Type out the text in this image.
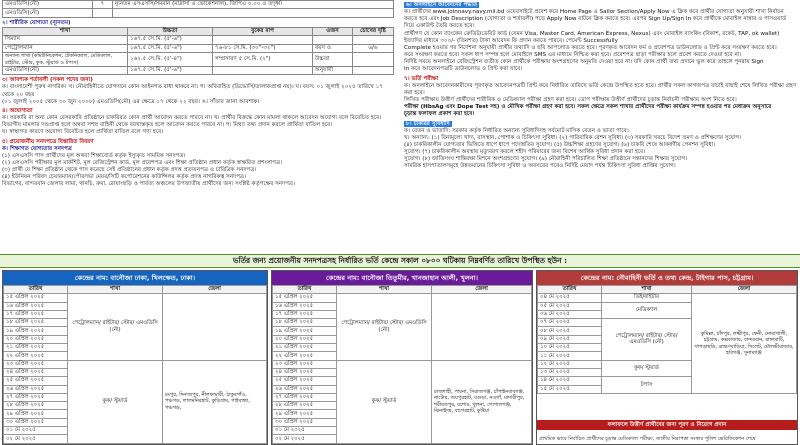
এমওডিসি(নৌ)	৭	ন্যূনতম এসএসসি/সমমান (মাদ্রাসা ও ভোকেশনাল), জিপিএ ৩.০০ ও তদূর্ধ্ব।
এমওডিসি(নৌ)		
২। শারীরিক যোগ্যতা (ন্যূনতম)
শাখা	উচ্চতা	বুকের মাপ	ওজন	চোখের দৃষ্টি
সিম্যান	১৬৭.৫ সে.মি. (৫'-৬")			
পেট্রোলম্যান	১৬৭.৫ সে.মি. (৫'-৬")	৭৬-৮১ সে.মি. (৩০"-৩২")	বয়স ও	৬/৬
অন্যান্য শাখা (কমিউনিকেশন, টেকনিক্যাল, মেডিক্যাল, রাইটার, স্টোর, কুক, স্টুয়ার্ড ও টপাস)	১৬২.৫ সে.মি. (৫'-৪")	সম্প্রসারণ ৫ সে.মি. (২")	উচ্চতা	
এমওডিসি(নৌ)	১৬৭.৫ সে.মি. (৫'-৬")		অনুযায়ী	
৩। আবশ্যক শর্তাবলী (সকল পদের জন্য)

ক। বাংলাদেশী পুরুষ নাগরিক। খ। নৌবাহিনীতে যোগদানে কোন আইনগত বাধা থাকবে না। গ। অবিবাহিত (ডিভোর্সি/তালাকপ্রাপ্ত নয়)। ঘ। বয়স: ০১ জুলাই ২০২৫ তারিখে ১৭ থেকে ২০ বছর

(০১ জুলাই ২০০৫ থেকে ৩০ জুন ২০০৮) এমওডিসি(নৌ) এর ক্ষেত্রে ১৭ থেকে ২২ বছর। ঙ। সাঁতার জানা আবশ্যক।

৪। অযোগ্যতা

ক। সরকারি বা অন্য কোন বেসরকারি প্রতিষ্ঠানে চাকরিরত কোন প্রার্থী আবেদন করতে পারবে না। খ। প্রার্থীর বিরুদ্ধে কোন মামলা থাকলে আবেদন অযোগ্য বলে বিবেচিত হবে।

বিভাগীয় মামলার দণ্ডপ্রাপ্ত হলে অথবা সশস্ত্র বাহিনী থেকে বরখাস্তকৃত হলে আবেদন করতে পারবে না। গ। মিথ্যা তথ্য প্রদান করলে প্রার্থিতা বাতিল হবে।

ঘ। স্বাস্থ্যগত কারণে অযোগ্য বিবেচিত হলে প্রার্থিতা বাতিল বলে গণ্য হবে।

৫। প্রয়োজনীয় সনদপত্রে বিস্তারিত বিবরণ

ক। শিক্ষাগত যোগ্যতার সনদপত্র

(১) এসএসসি পাস প্রার্থীদের মূল অথবা শিক্ষাবোর্ড কর্তৃক ইস্যুকৃত সাময়িক সনদপত্র।

(২) এসএসসি পরীক্ষার মূল মার্কশিট, মূল রেজিস্ট্রেশন কার্ড, মূল প্রবেশপত্র এবং শিক্ষা প্রতিষ্ঠান প্রধান কর্তৃক স্বাক্ষরিত প্রশংসাপত্র।

(৩) প্রার্থী যে শিক্ষা প্রতিষ্ঠান থেকে পাস করেছে সেই প্রতিষ্ঠানের প্রধান কর্তৃক প্রদত্ত প্রত্যয়নপত্র ও চারিত্রিক সনদপত্র।

(৪) ইউনিয়ন পরিষদ চেয়ারম্যান/পৌরসভা মেয়র/সিটি কর্পোরেশনের কাউন্সিলর কর্তৃক প্রদত্ত নাগরিকত্ব সনদপত্র।

বিভাগের, বান্দরবান জেলার লামা, থানচি, রুমা, রোয়াংছড়ি ও পার্বত্য অঞ্চলের উপজাতীয় প্রার্থীদের জন্য সংশ্লিষ্ট কর্তৃপক্ষের সনদপত্র।

৬। অনলাইনে আবেদনের পদ্ধতি

ক। প্রার্থীদের www.joinnavy.navy.mil.bd ওয়েবসাইটে প্রবেশ করে Home Page এ Sailor Section/Apply Now এ ক্লিক করে প্রার্থীর যোগ্যতা অনুযায়ী শাখা নির্বাচন করতে হবে এবং Job Description (যোগ্যতা ও শর্তাবলী) পড়ে Apply Now বাটনে ক্লিক করতে হবে। এরপর Sign Up/Sign In করে প্রার্থীকে মোবাইল নাম্বার ও পাসওয়ার্ড দিয়ে একাউন্ট তৈরি করতে হবে।

প্রার্থীগণ যে কোন ব্যাংকের ক্রেডিট/ডেবিট কার্ড (যেমন Visa, Master Card, American Express, Nexus) এবং মোবাইল ব্যাংকিং (বিকাশ, রকেট, TAP, ok wallet) ইত্যাদির মাধ্যমে ৩০০/- (তিনশত) টাকা আবেদন ফি প্রদান করতে পারবে। পেমেন্ট Successfully

Complete হওয়ার পর নির্দেশনা অনুযায়ী প্রার্থীর তথ্যাদি ও ছবি আপলোড করতে হবে। পূরণকৃত আবেদন ফর্ম ও প্রবেশপত্র ডাউনলোড ও প্রিন্ট করে সংরক্ষণ করতে হবে।

করে সংরক্ষণ করতে হবে। সকল ধাপ সম্পন্ন হলে মোবাইলে SMS এর মাধ্যমে নিশ্চিত করা হবে। প্রবেশপত্র ছাড়া পরীক্ষার হলে প্রবেশ করতে দেওয়া হবে না।

নির্দিষ্ট সময়ে অনলাইনে রেজিস্ট্রেশন ব্যতীত কোন প্রার্থীকে পরীক্ষায় অংশগ্রহণের অনুমতি দেওয়া হবে না। যদি কোন প্রার্থী তথ্য প্রদানে ভুল করে তাহলে পুনরায় Sign

In করে আবেদনপত্রটি ডাউনলোড ও প্রিন্ট করা যাবে।

৭। ভর্তি পরীক্ষা

ক। অনলাইনে আবেদনকারীদের পূরণকৃত আবেদনপত্রটি প্রিন্ট করে নির্ধারিত তারিখে ভর্তি কেন্দ্রে উপস্থিত হতে হবে। প্রার্থীর সকল কাগজপত্র যাচাই বাছাই শেষে লিখিত পরীক্ষা গ্রহণ করা হবে।

লিখিত পরীক্ষায় উত্তীর্ণ প্রার্থীদের শারীরিক ও মেডিক্যাল পরীক্ষা গ্রহণ করা হবে। ডোপ পরীক্ষায় উত্তীর্ণ প্রার্থীদের চূড়ান্ত নির্বাচনী পরীক্ষায় অংশ নিতে হবে।

পরীক্ষা (HbsAg এবং Dope Test সহ) ও মৌখিক পরীক্ষা গ্রহণ করা হবে। সকল ক্ষেত্রে সকল শাখার প্রার্থীদের পরীক্ষা কার্যক্রম সম্পন্ন হওয়ার পর মেধাক্রম অনুসারে

চূড়ান্ত ফলাফল প্রকাশ করা হবে।

৮। চাকরির সুবিধাদি

ক। বেতন ও ভাতাদি: সরকার কর্তৃক নির্ধারিত অন্যান্য সুবিধাদিসহ সর্বমোট মাসিক বেতন ও ভাতা পাবে।

খ। অন্যান্য: (১) বিনামূল্যে খাদ্য, বাসস্থান, পোশাক ও চিকিৎসা সুবিধা। (২) পারিবারিক রেশন সুবিধা। (৩) সরকারি খরচে বিদেশ ভ্রমণ ও প্রশিক্ষণের সুযোগ।

(৪) চাকরিকালীন যোগ্যতার ভিত্তিতে ধাপে ধাপে পদোন্নতির সুযোগ। (৫) উচ্চশিক্ষা গ্রহণের সুযোগ। (৬) চাকরি শেষে আকর্ষণীয় পেনশন সুবিধা।

সুযোগ। (৭) চাকরিকালীন অবস্থায় মৃত্যুবরণ করলে শহীদ পরিবারের জন্য বিশেষ আর্থিক সুবিধা প্রদান করা হবে।

সুযোগ। (৮) জাতিসংঘ শান্তিরক্ষা মিশনে অংশগ্রহণের সুযোগ। (৯) নৌবাহিনী পরিচালিত শিক্ষা প্রতিষ্ঠানে সন্তানদের শিক্ষার সুযোগ।

সামরিক হাসপাতালসমূহে উন্নতমানের চিকিৎসা সুবিধা ও অবসরের পরেও নির্দিষ্ট মেয়াদ পর্যন্ত চিকিৎসা সুবিধা প্রাপ্তির সুযোগ।

ভর্তির জন্য প্রয়োজনীয় সনদপত্রসহ নির্ধারিত ভর্তি কেন্দ্রে সকাল ০৮০০ ঘটিকায় নিম্নবর্ণিত তারিখে উপস্থিত হউন :
কেন্দ্রের নাম: বানৌজা ঢাকা, খিলক্ষেত, ঢাকা।
তারিখ	শাখা	জেলা
১৫ এপ্রিল ২০২৫	পেট্রোলম্যান/ রাইটার/ স্টোর/ এমওডিসি (নৌ)	
১৬ এপ্রিল ২০২৫		
১৭ এপ্রিল ২০২৫		
১৮ এপ্রিল ২০২৫		
১৯ এপ্রিল ২০২৫		
২০ এপ্রিল ২০২৫		
২১ এপ্রিল ২০২৫		
২২ এপ্রিল ২০২৫		
২৩ এপ্রিল ২০২৫	কুক/ স্টুয়ার্ড	রংপুর, দিনাজপুর, নীলফামারী, ঠাকুরগাঁও, পঞ্চগড়, লালমনিরহাট, কুড়িগ্রাম, গাইবান্ধা, পঞ্চগড়,
২৪ এপ্রিল ২০২৫		
২৫ এপ্রিল ২০২৫		
২৬ এপ্রিল ২০২৫		
২৭ এপ্রিল ২০২৫		
২৮ এপ্রিল ২০২৫		
২৯ এপ্রিল ২০২৫		
৩০ এপ্রিল ২০২৫		
০১ মে ২০২৫		
০২ মে ২০২৫		
কেন্দ্রের নাম: বানৌজা তিতুমীর, খানজাহান আলী, খুলনা।
তারিখ	শাখা	জেলা
১৫ এপ্রিল ২০২৫	পেট্রোলম্যান/ রাইটার/ স্টোর/ এমওডিসি (নৌ)	
১৬ এপ্রিল ২০২৫		
১৭ এপ্রিল ২০২৫		
১৮ এপ্রিল ২০২৫		
১৯ এপ্রিল ২০২৫		
২০ এপ্রিল ২০২৫		
২১ এপ্রিল ২০২৫		
২২ এপ্রিল ২০২৫		
২৩ এপ্রিল ২০২৫	কুক/ স্টুয়ার্ড	রাজশাহী, পাবনা, সিরাজগঞ্জ, চাঁপাইনবাবগঞ্জ, নাটোর, জয়পুরহাট, বগুড়া, নওগাঁ, মাদারীপুর, শরীয়তপুর, যশোর, খুলনা, গোপালগঞ্জ, ঝিনাইদহ, বাগেরহাট, কুষ্টিয়া
২৪ এপ্রিল ২০২৫		
২৫ এপ্রিল ২০২৫		
২৬ এপ্রিল ২০২৫		
২৭ এপ্রিল ২০২৫		
২৮ এপ্রিল ২০২৫		
২৯ এপ্রিল ২০২৫		
৩০ এপ্রিল ২০২৫		
০১ মে ২০২৫		
০২ মে ২০২৫		
কেন্দ্রের নাম: নৌবাহিনী ভর্তি ও তথ্য কেন্দ্র, টাইগার পাস, চট্টগ্রাম।
তারিখ	শাখা	জেলা
০৪ মে ২০২৫	ডিই/রাইটার	কুমিল্লা, চাঁদপুর, লক্ষ্মীপুর, ফেনী, নোয়াখালী, চট্টগ্রাম, কক্সবাজার, বান্দরবান, রাঙ্গামাটি, খাগড়াছড়ি, ব্রাহ্মণবাড়িয়া, সিলেট, মৌলভীবাজার, হবিগঞ্জ, সুনামগঞ্জ
০৫ মে ২০২৫	মেডিক্যাল	
০৬ মে ২০২৫		
০৭ মে ২০২৫	পেট্রোলম্যান/ রাইটার/ স্টোর/ এমওডিসি (নৌ)	
০৮ মে ২০২৫		
০৯ মে ২০২৫		
১০ মে ২০২৫		
১১ মে ২০২৫		
১২ মে ২০২৫	কুক/ স্টুয়ার্ড	
১৩ মে ২০২৫		
১৪ মে ২০২৫	টপাস	
১৫ মে ২০২৫		
ফলাফলে উত্তীর্ণ প্রার্থীদের জন্য পূরণ ও নিয়োগ প্রদান
প্রাথমিক ভাবে নির্বাচিত প্রার্থীদের চূড়ান্ত মেডিক্যাল পরীক্ষা, জাতীয় নিরাপত্তা সংস্থার পুলিশ ভেরিফিকেশন শেষে
